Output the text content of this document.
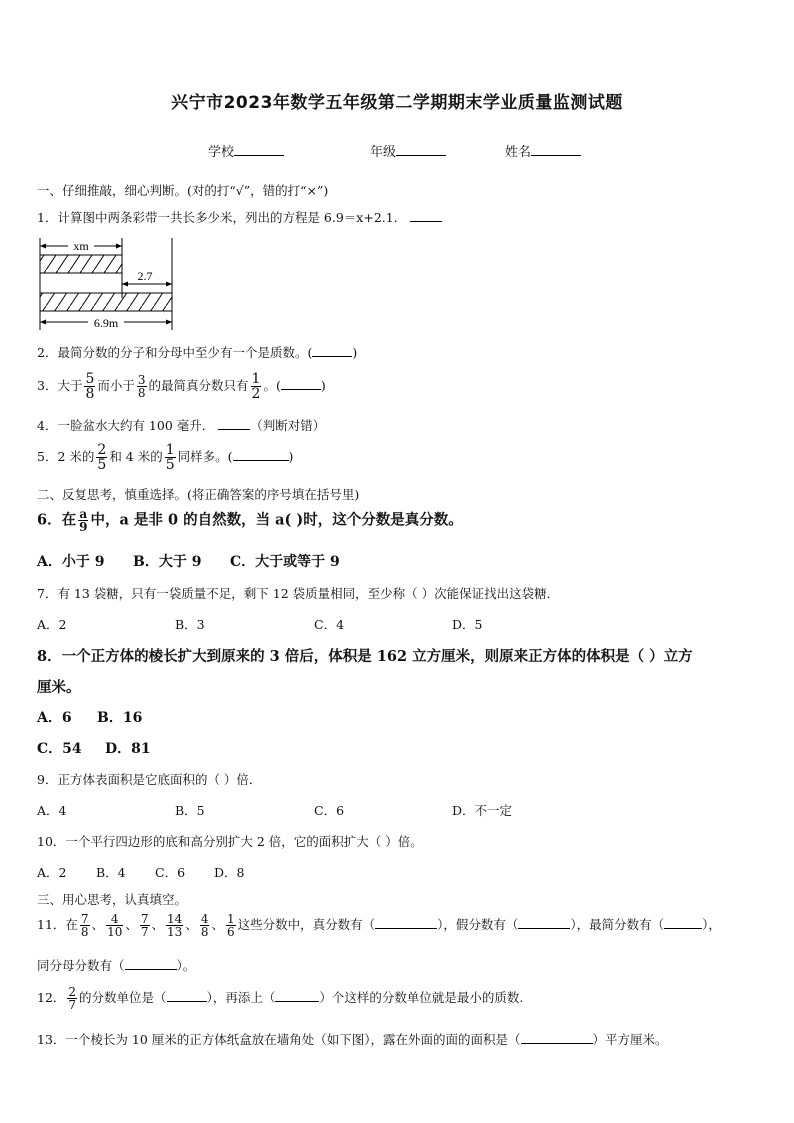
兴宁市2023年数学五年级第二学期期末学业质量监测试题
学校	年级	姓名
一、仔细推敲，细心判断。(对的打“√”，错的打“×”)
1．计算图中两条彩带一共长多少米，列出的方程是 6.9＝x+2.1．
xm
2.7
6.9m
2．最简分数的分子和分母中至少有一个是质数。(	)
3．大于 $\frac{5}{8}$ 而小于 $\frac{3}{8}$ 的最简真分数只有 $\frac{1}{2}$ 。(	)
4．一脸盆水大约有 100 毫升．	（判断对错）
5．2 米的 $\frac{2}{5}$ 和 4 米的 $\frac{1}{5}$ 同样多。(	)
二、反复思考，慎重选择。(将正确答案的序号填在括号里)
6．在 $\frac{a}{9}$ 中，a 是非 0 的自然数，当 a( )时，这个分数是真分数。
A．小于 9 B．大于 9 C．大于或等于 9
7．有 13 袋糖，只有一袋质量不足，剩下 12 袋质量相同，至少称（ ）次能保证找出这袋糖．
A．2	B．3	C．4	D．5
8．一个正方体的棱长扩大到原来的 3 倍后，体积是 162 立方厘米，则原来正方体的体积是（ ）立方
厘米。
A．6 B．16
C．54 D．81
9．正方体表面积是它底面积的（ ）倍．
A．4	B．5	C．6	D．不一定
10．一个平行四边形的底和高分别扩大 2 倍，它的面积扩大（ ）倍。
A．2 B．4 C．6 D．8
三、用心思考，认真填空。
11．在 $\frac{7}{8}$ 、 $\frac{4}{10}$ 、 $\frac{7}{7}$ 、 $\frac{14}{13}$ 、 $\frac{4}{8}$ 、 $\frac{1}{6}$ 这些分数中，真分数有（	），假分数有（	），最简分数有（	），
同分母分数有（	）。
12． $\frac{2}{7}$ 的分数单位是（	），再添上（	）个这样的分数单位就是最小的质数.
13．一个棱长为 10 厘米的正方体纸盒放在墙角处（如下图），露在外面的面的面积是（	）平方厘米。
